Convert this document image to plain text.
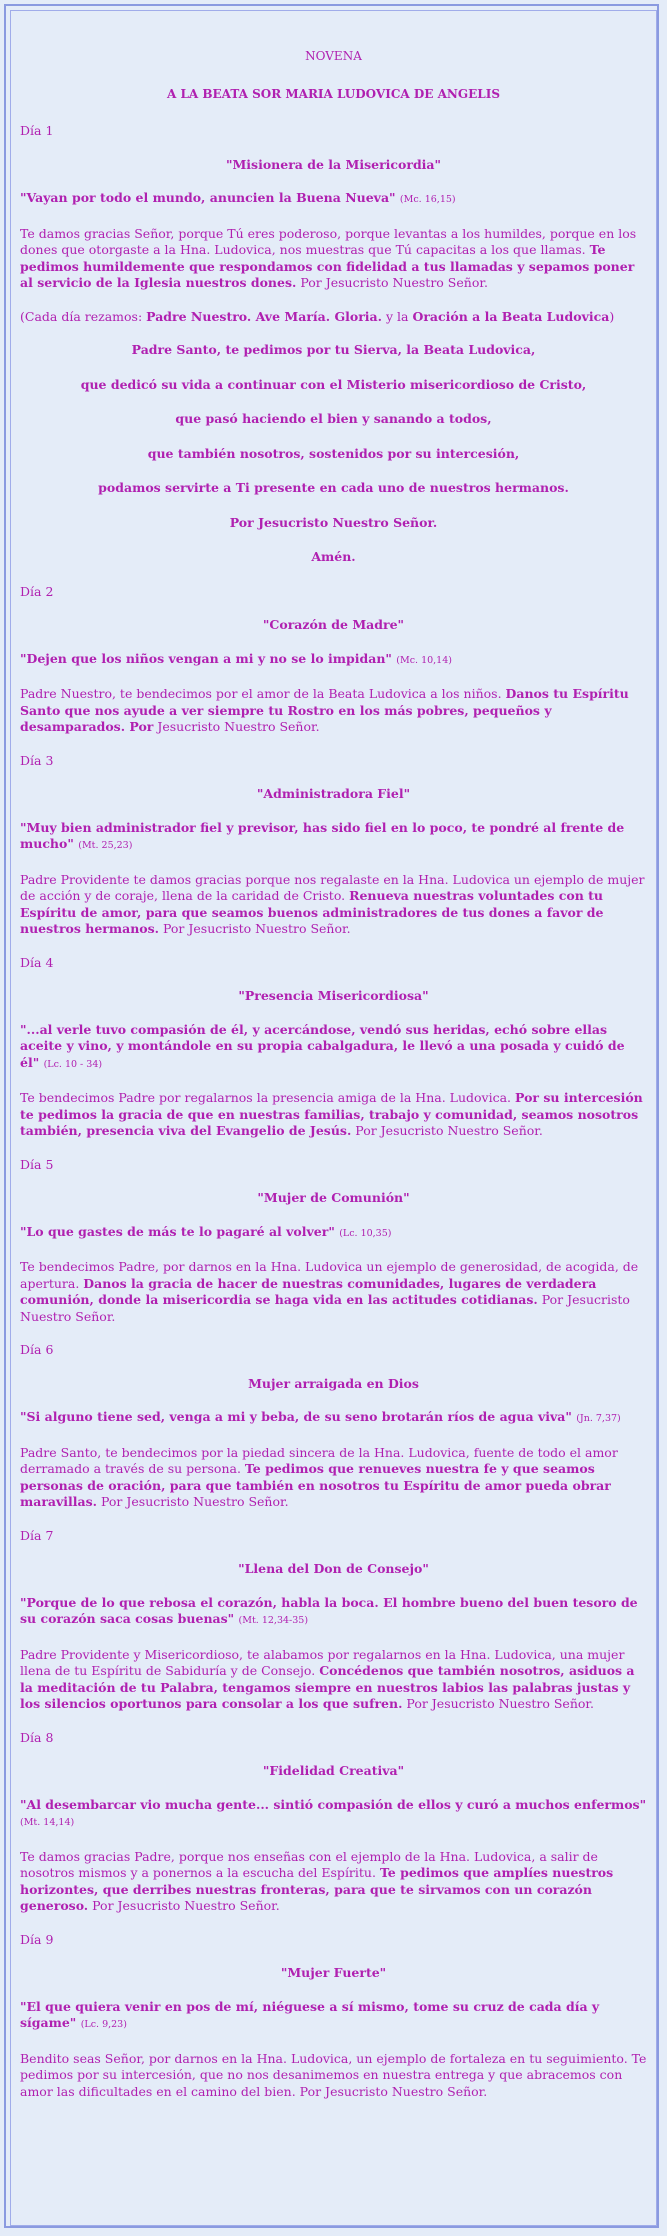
NOVENA

A LA BEATA SOR MARIA LUDOVICA DE ANGELIS

Día 1

"Misionera de la Misericordia"

"Vayan por todo el mundo, anuncien la Buena Nueva" (Mc. 16,15)

Te damos gracias Señor, porque Tú eres poderoso, porque levantas a los humildes, porque en los dones que otorgaste a la Hna. Ludovica, nos muestras que Tú capacitas a los que llamas. Te pedimos humildemente que respondamos con fidelidad a tus llamadas y sepamos poner al servicio de la Iglesia nuestros dones. Por Jesucristo Nuestro Señor.

(Cada día rezamos: Padre Nuestro. Ave María. Gloria. y la Oración a la Beata Ludovica)

Padre Santo, te pedimos por tu Sierva, la Beata Ludovica,

que dedicó su vida a continuar con el Misterio misericordioso de Cristo,

que pasó haciendo el bien y sanando a todos,

que también nosotros, sostenidos por su intercesión,

podamos servirte a Ti presente en cada uno de nuestros hermanos.

Por Jesucristo Nuestro Señor.

Amén.

Día 2

"Corazón de Madre"

"Dejen que los niños vengan a mi y no se lo impidan" (Mc. 10,14)

Padre Nuestro, te bendecimos por el amor de la Beata Ludovica a los niños. Danos tu Espíritu Santo que nos ayude a ver siempre tu Rostro en los más pobres, pequeños y desamparados. Por Jesucristo Nuestro Señor.

Día 3

"Administradora Fiel"

"Muy bien administrador fiel y previsor, has sido fiel en lo poco, te pondré al frente de mucho" (Mt. 25,23)

Padre Providente te damos gracias porque nos regalaste en la Hna. Ludovica un ejemplo de mujer de acción y de coraje, llena de la caridad de Cristo. Renueva nuestras voluntades con tu Espíritu de amor, para que seamos buenos administradores de tus dones a favor de nuestros hermanos. Por Jesucristo Nuestro Señor.

Día 4

"Presencia Misericordiosa"

"...al verle tuvo compasión de él, y acercándose, vendó sus heridas, echó sobre ellas aceite y vino, y montándole en su propia cabalgadura, le llevó a una posada y cuidó de él" (Lc. 10 - 34)

Te bendecimos Padre por regalarnos la presencia amiga de la Hna. Ludovica. Por su intercesión te pedimos la gracia de que en nuestras familias, trabajo y comunidad, seamos nosotros también, presencia viva del Evangelio de Jesús. Por Jesucristo Nuestro Señor.

Día 5

"Mujer de Comunión"

"Lo que gastes de más te lo pagaré al volver" (Lc. 10,35)

Te bendecimos Padre, por darnos en la Hna. Ludovica un ejemplo de generosidad, de acogida, de apertura. Danos la gracia de hacer de nuestras comunidades, lugares de verdadera comunión, donde la misericordia se haga vida en las actitudes cotidianas. Por Jesucristo Nuestro Señor.

Día 6

Mujer arraigada en Dios

"Si alguno tiene sed, venga a mi y beba, de su seno brotarán ríos de agua viva" (Jn. 7,37)

Padre Santo, te bendecimos por la piedad sincera de la Hna. Ludovica, fuente de todo el amor derramado a través de su persona. Te pedimos que renueves nuestra fe y que seamos personas de oración, para que también en nosotros tu Espíritu de amor pueda obrar maravillas. Por Jesucristo Nuestro Señor.

Día 7

"Llena del Don de Consejo"

"Porque de lo que rebosa el corazón, habla la boca. El hombre bueno del buen tesoro de su corazón saca cosas buenas" (Mt. 12,34-35)

Padre Providente y Misericordioso, te alabamos por regalarnos en la Hna. Ludovica, una mujer llena de tu Espíritu de Sabiduría y de Consejo. Concédenos que también nosotros, asiduos a la meditación de tu Palabra, tengamos siempre en nuestros labios las palabras justas y los silencios oportunos para consolar a los que sufren. Por Jesucristo Nuestro Señor.

Día 8

"Fidelidad Creativa"

"Al desembarcar vio mucha gente... sintió compasión de ellos y curó a muchos enfermos" (Mt. 14,14)

Te damos gracias Padre, porque nos enseñas con el ejemplo de la Hna. Ludovica, a salir de nosotros mismos y a ponernos a la escucha del Espíritu. Te pedimos que amplíes nuestros horizontes, que derribes nuestras fronteras, para que te sirvamos con un corazón generoso. Por Jesucristo Nuestro Señor.

Día 9

"Mujer Fuerte"

"El que quiera venir en pos de mí, niéguese a sí mismo, tome su cruz de cada día y sígame" (Lc. 9,23)

Bendito seas Señor, por darnos en la Hna. Ludovica, un ejemplo de fortaleza en tu seguimiento. Te pedimos por su intercesión, que no nos desanimemos en nuestra entrega y que abracemos con amor las dificultades en el camino del bien. Por Jesucristo Nuestro Señor.
